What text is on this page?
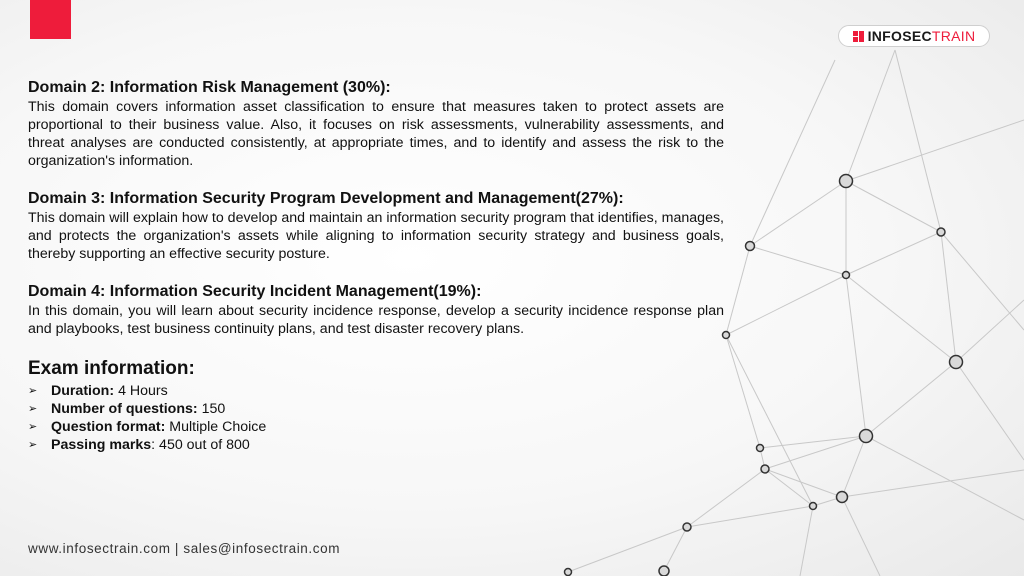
INFOSEC TRAIN
Domain 2: Information Risk Management (30%):

This domain covers information asset classification to ensure that measures taken to protect assets are proportional to their business value. Also, it focuses on risk assessments, vulnerability assessments, and threat analyses are conducted consistently, at appropriate times, and to identify and assess the risk to the organization's information.

Domain 3: Information Security Program Development and Management(27%):

This domain will explain how to develop and maintain an information security program that identifies, manages, and protects the organization's assets while aligning to information security strategy and business goals, thereby supporting an effective security posture.

Domain 4: Information Security Incident Management(19%):

In this domain, you will learn about security incidence response, develop a security incidence response plan and playbooks, test business continuity plans, and test disaster recovery plans.

Exam information:
➢ Duration: 4 Hours
➢ Number of questions: 150
➢ Question format: Multiple Choice
➢ Passing marks : 450 out of 800
www.infosectrain.com | sales@infosectrain.com
